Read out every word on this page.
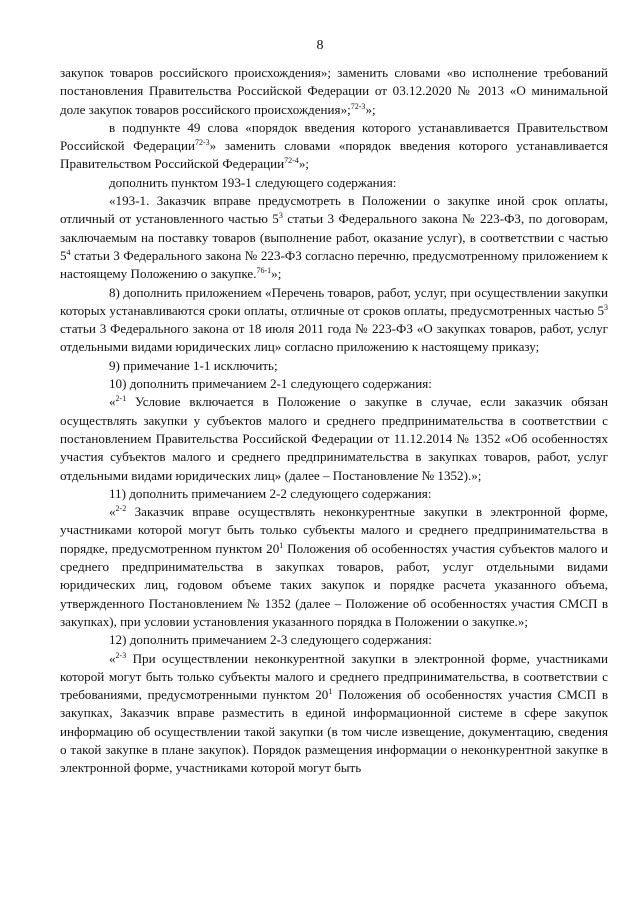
8

закупок товаров российского происхождения»; заменить словами «во исполнение требований постановления Правительства Российской Федерации от 03.12.2020 № 2013 «О минимальной доле закупок товаров российского происхождения»;$^{72-3}$»;

в подпункте 49 слова «порядок введения которого устанавливается Правительством Российской Федерации$^{72-3}$» заменить словами «порядок введения которого устанавливается Правительством Российской Федерации$^{72-4}$»;

дополнить пунктом 193-1 следующего содержания:

«193-1. Заказчик вправе предусмотреть в Положении о закупке иной срок оплаты, отличный от установленного частью $5^3$ статьи 3 Федерального закона № 223-ФЗ, по договорам, заключаемым на поставку товаров (выполнение работ, оказание услуг), в соответствии с частью $5^4$ статьи 3 Федерального закона № 223-ФЗ согласно перечню, предусмотренному приложением к настоящему Положению о закупке.$^{76-1}$»;

8) дополнить приложением «Перечень товаров, работ, услуг, при осуществлении закупки которых устанавливаются сроки оплаты, отличные от сроков оплаты, предусмотренных частью $5^3$ статьи 3 Федерального закона от 18 июля 2011 года № 223-ФЗ «О закупках товаров, работ, услуг отдельными видами юридических лиц» согласно приложению к настоящему приказу;

9) примечание 1-1 исключить;

10) дополнить примечанием 2-1 следующего содержания:

«$^{2-1}$ Условие включается в Положение о закупке в случае, если заказчик обязан осуществлять закупки у субъектов малого и среднего предпринимательства в соответствии с постановлением Правительства Российской Федерации от 11.12.2014 № 1352 «Об особенностях участия субъектов малого и среднего предпринимательства в закупках товаров, работ, услуг отдельными видами юридических лиц» (далее – Постановление № 1352).»;

11) дополнить примечанием 2-2 следующего содержания:

«$^{2-2}$ Заказчик вправе осуществлять неконкурентные закупки в электронной форме, участниками которой могут быть только субъекты малого и среднего предпринимательства в порядке, предусмотренном пунктом $20^1$ Положения об особенностях участия субъектов малого и среднего предпринимательства в закупках товаров, работ, услуг отдельными видами юридических лиц, годовом объеме таких закупок и порядке расчета указанного объема, утвержденного Постановлением № 1352 (далее – Положение об особенностях участия СМСП в закупках), при условии установления указанного порядка в Положении о закупке.»;

12) дополнить примечанием 2-3 следующего содержания:

«$^{2-3}$ При осуществлении неконкурентной закупки в электронной форме, участниками которой могут быть только субъекты малого и среднего предпринимательства, в соответствии с требованиями, предусмотренными пунктом $20^1$ Положения об особенностях участия СМСП в закупках, Заказчик вправе разместить в единой информационной системе в сфере закупок информацию об осуществлении такой закупки (в том числе извещение, документацию, сведения о такой закупке в плане закупок). Порядок размещения информации о неконкурентной закупке в электронной форме, участниками которой могут быть
